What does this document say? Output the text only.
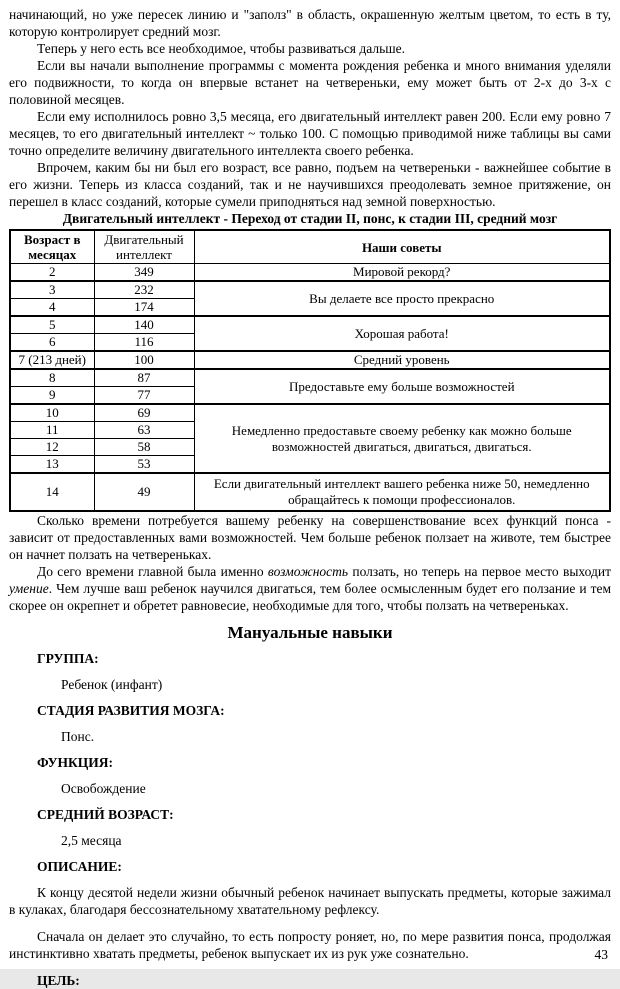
начинающий, но уже пересек линию и "заполз" в область, окрашенную желтым цветом, то есть в ту, которую контролирует средний мозг.

Теперь у него есть все необходимое, чтобы развиваться дальше.

Если вы начали выполнение программы с момента рождения ребенка и много внимания уделяли его подвижности, то когда он впервые встанет на четвереньки, ему может быть от 2-х до 3-х с половиной месяцев.

Если ему исполнилось ровно 3,5 месяца, его двигательный интеллект равен 200. Если ему ровно 7 месяцев, то его двигательный интеллект ~ только 100. С помощью приводимой ниже таблицы вы сами точно определите величину двигательного интеллекта своего ребенка.

Впрочем, каким бы ни был его возраст, все равно, подъем на четвереньки - важнейшее событие в его жизни. Теперь из класса созданий, так и не научившихся преодолевать земное притяжение, он перешел в класс созданий, которые сумели приподняться над земной поверхностью.

Двигательный интеллект - Переход от стадии II, понс, к стадии III, средний мозг
Возраст в месяцах	Двигательный интеллект	Наши советы
2	349	Мировой рекорд?
3	232	Вы делаете все просто прекрасно
4	174	
5	140	Хорошая работа!
6	116	
7 (213 дней)	100	Средний уровень
8	87	Предоставьте ему больше возможностей
9	77	
10	69	Немедленно предоставьте своему ребенку как можно больше возможностей двигаться, двигаться, двигаться.
11	63	
12	58	
13	53	
14	49	Если двигательный интеллект вашего ребенка ниже 50, немедленно обращайтесь к помощи профессионалов.

Сколько времени потребуется вашему ребенку на совершенствование всех функций понса - зависит от предоставленных вами возможностей. Чем больше ребенок ползает на животе, тем быстрее он начнет ползать на четвереньках.

До сего времени главной была именно возможность ползать, но теперь на первое место выходит умение. Чем лучше ваш ребенок научился двигаться, тем более осмысленным будет его ползание и тем скорее он окрепнет и обретет равновесие, необходимые для того, чтобы ползать на четвереньках.

Мануальные навыки

ГРУППА:

Ребенок (инфант)

СТАДИЯ РАЗВИТИЯ МОЗГА:

Понс.

ФУНКЦИЯ:

Освобождение

СРЕДНИЙ ВОЗРАСТ:

2,5 месяца

ОПИСАНИЕ:

К концу десятой недели жизни обычный ребенок начинает выпускать предметы, которые зажимал в кулаках, благодаря бессознательному хватательному рефлексу.

Сначала он делает это случайно, то есть попросту роняет, но, по мере развития понса, продолжая инстинктивно хватать предметы, ребенок выпускает их из рук уже сознательно.

ЦЕЛЬ:

43
